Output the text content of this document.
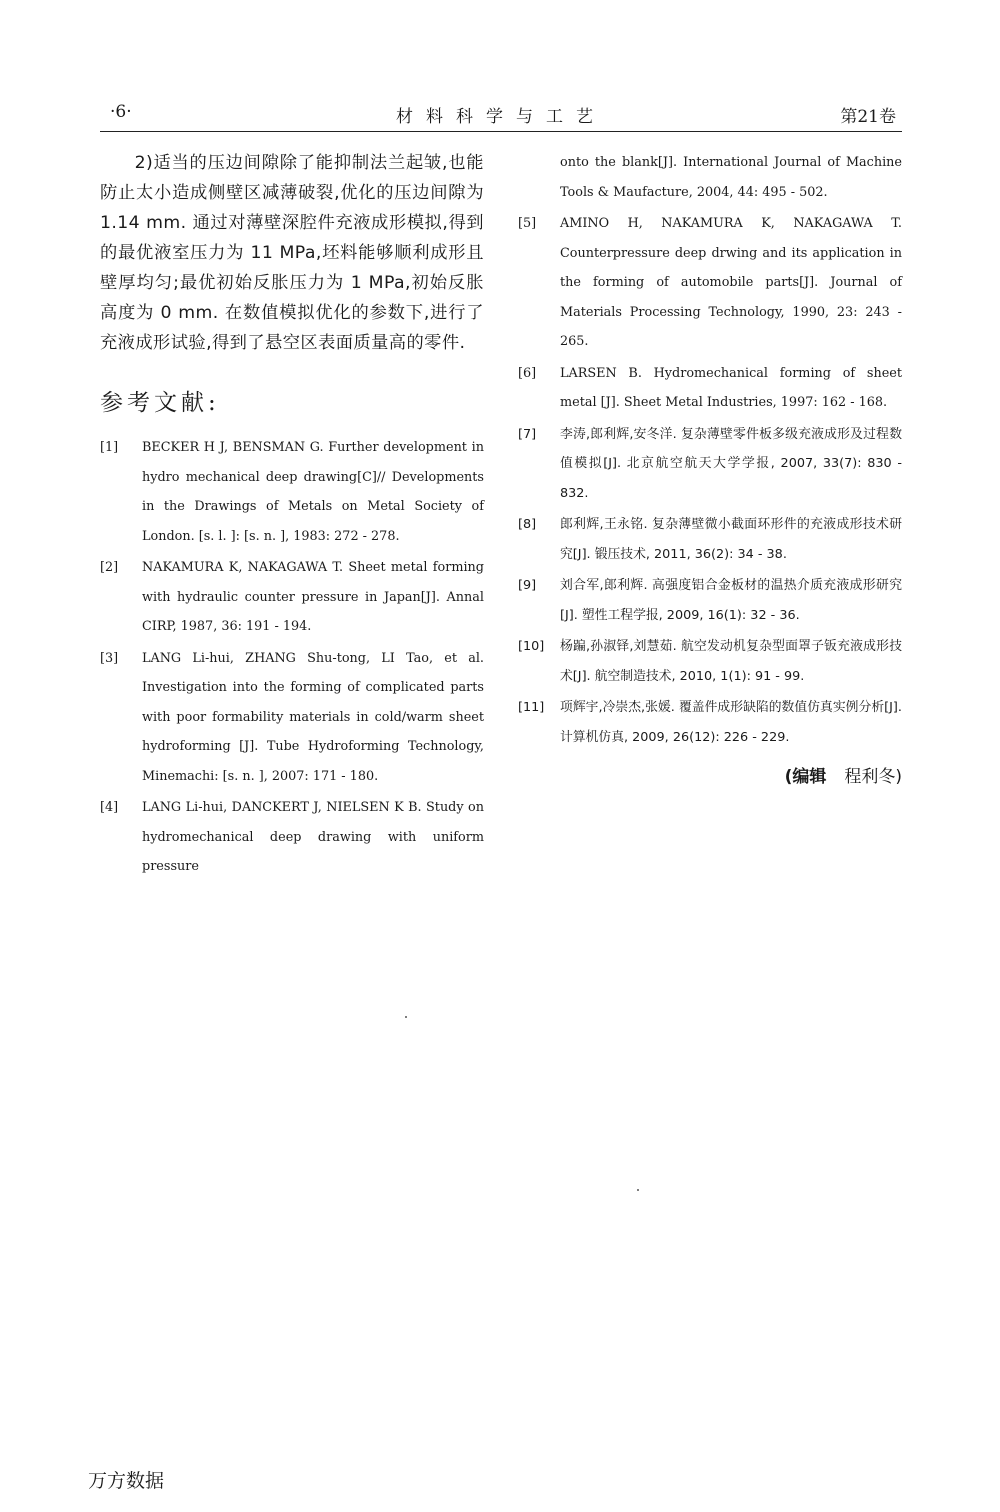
·6·	材料科学与工艺	第21卷
2)适当的压边间隙除了能抑制法兰起皱,也能防止太小造成侧壁区减薄破裂,优化的压边间隙为 1.14 mm. 通过对薄壁深腔件充液成形模拟,得到的最优液室压力为 11 MPa,坯料能够顺利成形且壁厚均匀;最优初始反胀压力为 1 MPa,初始反胀高度为 0 mm. 在数值模拟优化的参数下,进行了充液成形试验,得到了悬空区表面质量高的零件.
参考文献:
[1] BECKER H J, BENSMAN G. Further development in hydro mechanical deep drawing[C]// Developments in the Drawings of Metals on Metal Society of London. [s. l. ]: [s. n. ], 1983: 272 - 278.
[2] NAKAMURA K, NAKAGAWA T. Sheet metal forming with hydraulic counter pressure in Japan[J]. Annal CIRP, 1987, 36: 191 - 194.
[3] LANG Li-hui, ZHANG Shu-tong, LI Tao, et al. Investigation into the forming of complicated parts with poor formability materials in cold/warm sheet hydroforming [J]. Tube Hydroforming Technology, Minemachi: [s. n. ], 2007: 171 - 180.
[4] LANG Li-hui, DANCKERT J, NIELSEN K B. Study on hydromechanical deep drawing with uniform pressure
onto the blank[J]. International Journal of Machine Tools & Maufacture, 2004, 44: 495 - 502.
[5] AMINO H, NAKAMURA K, NAKAGAWA T. Counterpressure deep drwing and its application in the forming of automobile parts[J]. Journal of Materials Processing Technology, 1990, 23: 243 - 265.
[6] LARSEN B. Hydromechanical forming of sheet metal [J]. Sheet Metal Industries, 1997: 162 - 168.
[7] 李涛,郎利辉,安冬洋. 复杂薄壁零件板多级充液成形及过程数值模拟[J]. 北京航空航天大学学报, 2007, 33(7): 830 - 832.
[8] 郎利辉,王永铭. 复杂薄壁微小截面环形件的充液成形技术研究[J]. 锻压技术, 2011, 36(2): 34 - 38.
[9] 刘合军,郎利辉. 高强度铝合金板材的温热介质充液成形研究[J]. 塑性工程学报, 2009, 16(1): 32 - 36.
[10] 杨蹁,孙淑铎,刘慧茹. 航空发动机复杂型面罩子钣充液成形技术[J]. 航空制造技术, 2010, 1(1): 91 - 99.
[11] 项辉宇,冷崇杰,张媛. 覆盖件成形缺陷的数值仿真实例分析[J]. 计算机仿真, 2009, 26(12): 226 - 229.
(编辑 程利冬)
万方数据
